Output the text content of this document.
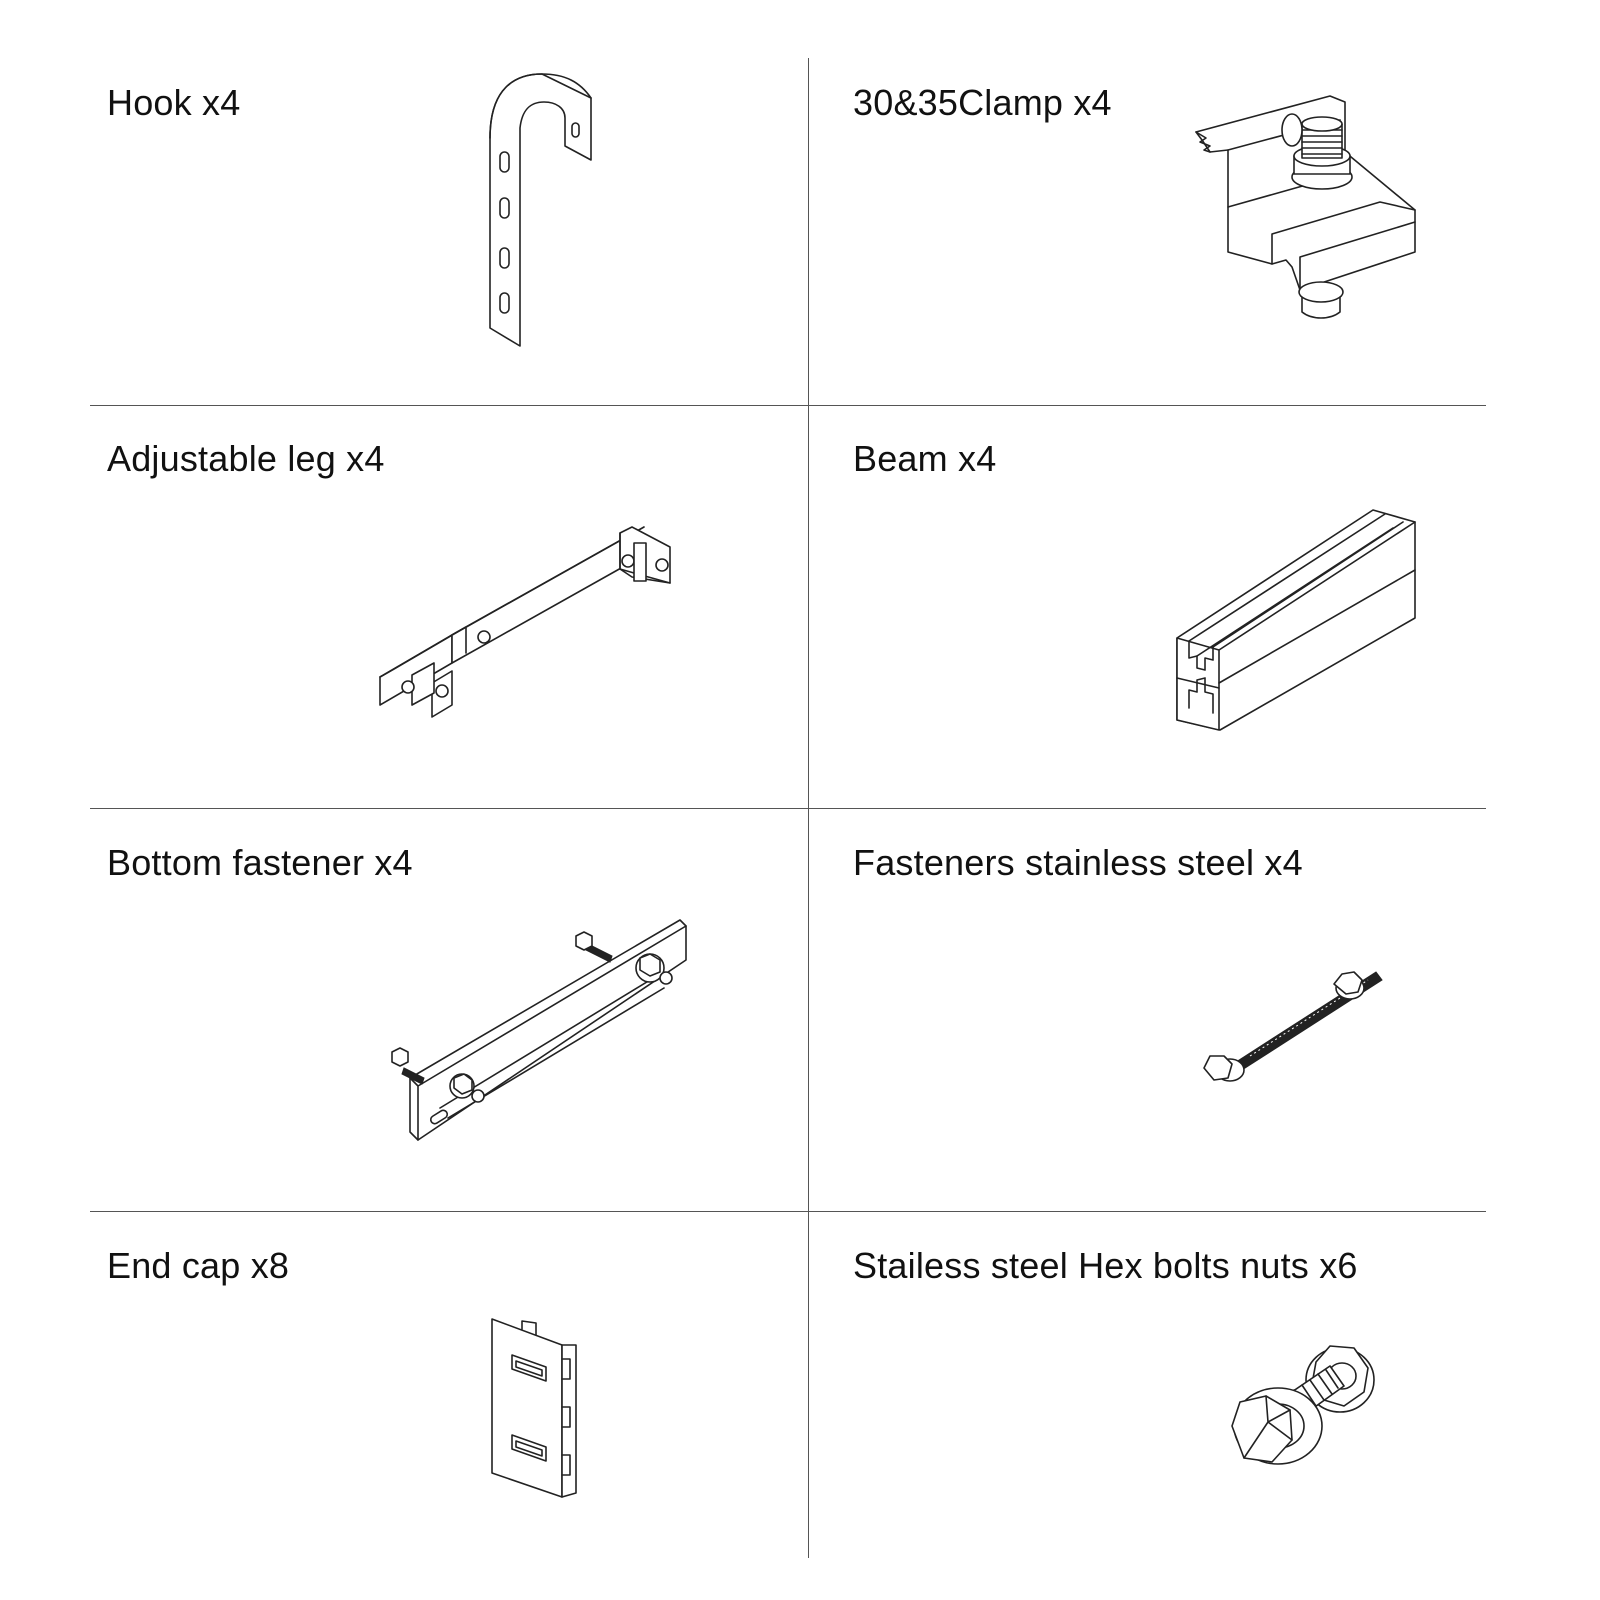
Hook x4	30&35Clamp x4
Adjustable leg x4	Beam x4
Bottom fastener x4	Fasteners stainless steel x4
End cap x8	Stailess steel Hex bolts nuts x6
